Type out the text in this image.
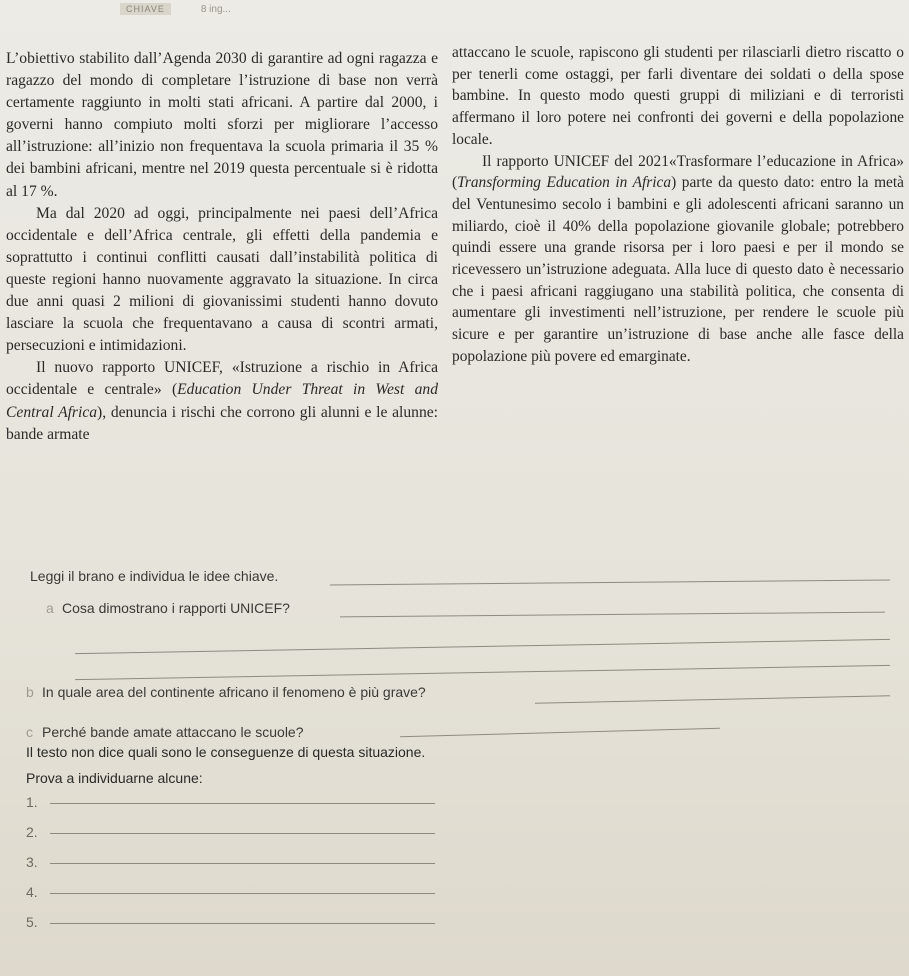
CHIAVE	8 ing...

L’obiettivo stabilito dall’Agenda 2030 di garantire ad ogni ragazza e ragazzo del mondo di completare l’istruzione di base non verrà certamente raggiunto in molti stati africani. A partire dal 2000, i governi hanno compiuto molti sforzi per migliorare l’accesso all’istruzione: all’inizio non frequentava la scuola primaria il 35 % dei bambini africani, mentre nel 2019 questa percentuale si è ridotta al 17 %.

Ma dal 2020 ad oggi, principalmente nei paesi dell’Africa occidentale e dell’Africa centrale, gli effetti della pandemia e soprattutto i continui conflitti causati dall’instabilità politica di queste regioni hanno nuovamente aggravato la situazione. In circa due anni quasi 2 milioni di giovanissimi studenti hanno dovuto lasciare la scuola che frequentavano a causa di scontri armati, persecuzioni e intimidazioni.

Il nuovo rapporto UNICEF, «Istruzione a rischio in Africa occidentale e centrale» (Education Under Threat in West and Central Africa), denuncia i rischi che corrono gli alunni e le alunne: bande armate

attaccano le scuole, rapiscono gli studenti per rilasciarli dietro riscatto o per tenerli come ostaggi, per farli diventare dei soldati o della spose bambine. In questo modo questi gruppi di miliziani e di terroristi affermano il loro potere nei confronti dei governi e della popolazione locale.

Il rapporto UNICEF del 2021«Trasformare l’educazione in Africa» (Transforming Education in Africa) parte da questo dato: entro la metà del Ventunesimo secolo i bambini e gli adolescenti africani saranno un miliardo, cioè il 40% della popolazione giovanile globale; potrebbero quindi essere una grande risorsa per i loro paesi e per il mondo se ricevessero un’istruzione adeguata. Alla luce di questo dato è necessario che i paesi africani raggiugano una stabilità politica, che consenta di aumentare gli investimenti nell’istruzione, per rendere le scuole più sicure e per garantire un’istruzione di base anche alle fasce della popolazione più povere ed emarginate.

Leggi il brano e individua le idee chiave.
a Cosa dimostrano i rapporti UNICEF?
b In quale area del continente africano il fenomeno è più grave?
c Perché bande amate attaccano le scuole?
Il testo non dice quali sono le conseguenze di questa situazione.
Prova a individuarne alcune:
1.
2.
3.
4.
5.
